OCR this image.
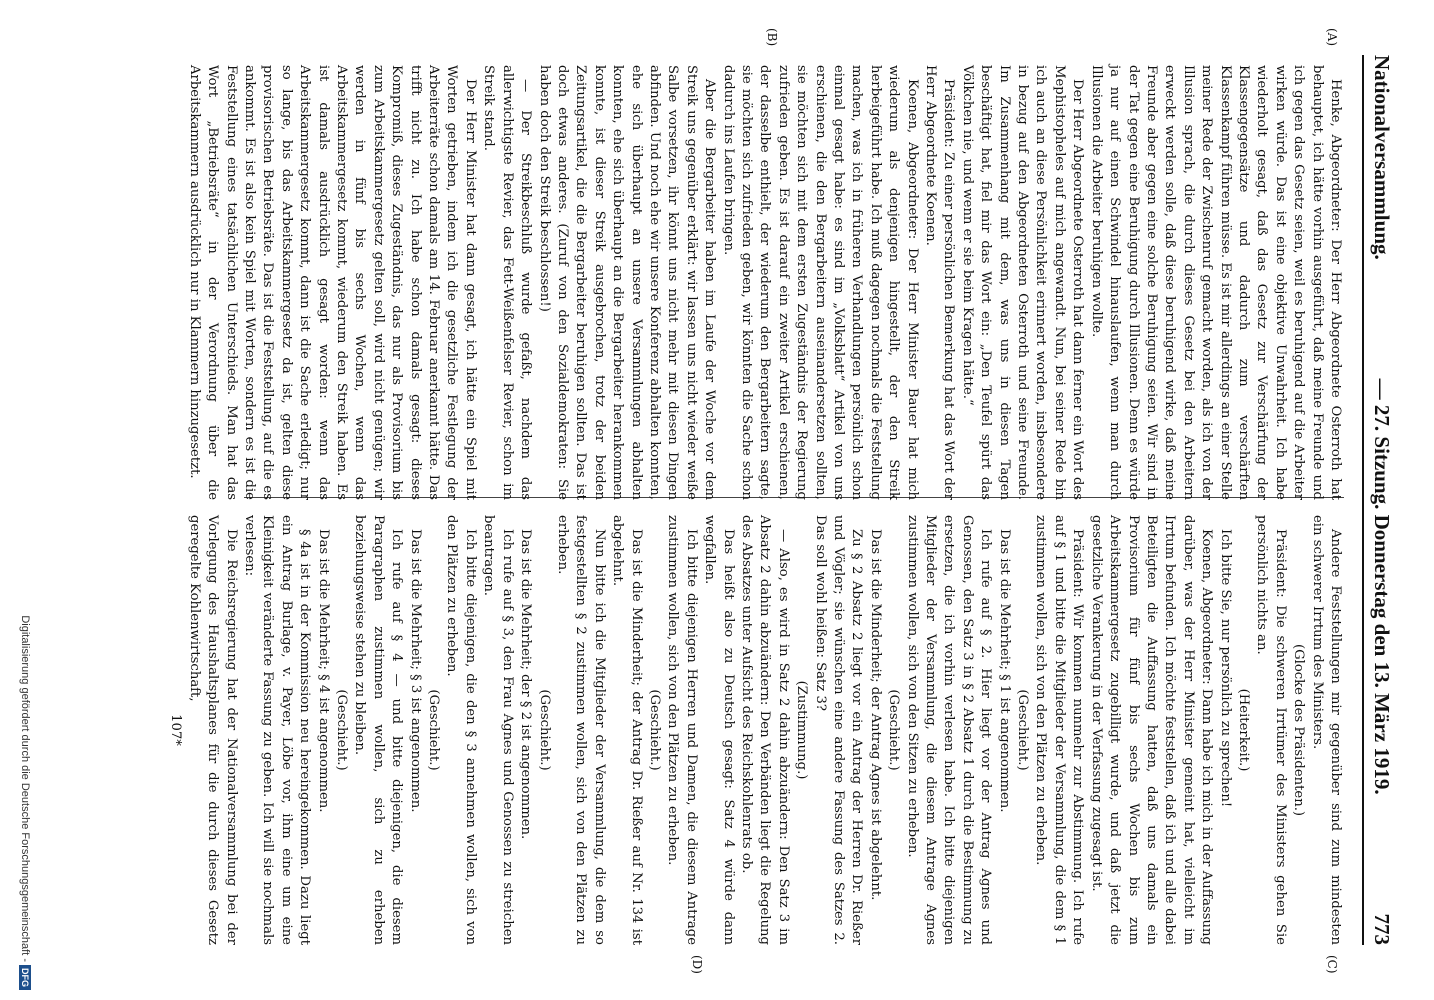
Nationalversammlung.
— 27. Sitzung. Donnerstag den 13. März 1919.
773
(A)
(B)
(C)
(D)

Henke, Abgeordneter: Der Herr Abgeordnete Osterroth hat behauptet, ich hätte vorhin ausgeführt, daß meine Freunde und ich gegen das Gesetz seien, weil es beruhigend auf die Arbeiter wirken würde. Das ist eine objektive Unwahrheit. Ich habe wiederholt gesagt, daß das Gesetz zur Verschärfung der Klassengegensätze und dadurch zum verschärften Klassenkampf führen müsse. Es ist mir allerdings an einer Stelle meiner Rede der Zwischenruf gemacht worden, als ich von der Illusion sprach, die durch dieses Gesetz bei den Arbeitern erweckt werden solle, daß diese beruhigend wirke, daß meine Freunde aber gegen eine solche Beruhigung seien. Wir sind in der Tat gegen eine Beruhigung durch Illusionen. Denn es würde ja nur auf einen Schwindel hinauslaufen, wenn man durch Illusionen die Arbeiter beruhigen wollte.

Der Herr Abgeordnete Osterroth hat dann ferner ein Wort des Mephistopheles auf mich angewandt. Nun, bei seiner Rede bin ich auch an diese Persönlichkeit erinnert worden, insbesondere in bezug auf den Abgeordneten Osterroth und seine Freunde. Im Zusammenhang mit dem, was uns in diesen Tagen beschäftigt hat, fiel mir das Wort ein: „Den Teufel spürt das Völkchen nie, und wenn er sie beim Kragen hätte.“

Präsident: Zu einer persönlichen Bemerkung hat das Wort der Herr Abgeordnete Koenen.

Koenen, Abgeordneter: Der Herr Minister Bauer hat mich wiederum als denjenigen hingestellt, der den Streik herbeigeführt habe. Ich muß dagegen nochmals die Feststellung machen, was ich in früheren Verhandlungen persönlich schon einmal gesagt habe: es sind im „Volksblatt“ Artikel von uns erschienen, die den Bergarbeitern auseinandersetzen sollten, sie möchten sich mit dem ersten Zugeständnis der Regierung zufrieden geben. Es ist darauf ein zweiter Artikel erschienen, der dasselbe enthielt, der wiederum den Bergarbeitern sagte, sie möchten sich zufrieden geben, wir könnten die Sache schon dadurch ins Laufen bringen.

Aber die Bergarbeiter haben im Laufe der Woche vor dem Streik uns gegenüber erklärt: wir lassen uns nicht wieder weiße Salbe vorsetzen, ihr könnt uns nicht mehr mit diesen Dingen abfinden. Und noch ehe wir unsere Konferenz abhalten konnten, ehe sich überhaupt an unsere Versammlungen abhalten konnten, ehe sich überhaupt an die Bergarbeiter herankommen konnte, ist dieser Streik ausgebrochen, trotz der beiden Zeitungsartikel, die die Bergarbeiter beruhigen sollten. Das ist doch etwas anderes. (Zuruf von den Sozialdemokraten: Sie haben doch den Streik beschlossen!)

— Der Streikbeschluß wurde gefaßt, nachdem das allerwichtigste Revier, das Fett-Weißenfelser Revier, schon im Streik stand.

Der Herr Minister hat dann gesagt, ich hätte ein Spiel mit Worten getrieben, indem ich die gesetzliche Festlegung der Arbeiterräte schon damals am 14. Februar anerkannt hätte. Das trifft nicht zu. Ich habe schon damals gesagt: dieses Kompromiß, dieses Zugeständnis, das nur als Provisorium bis zum Arbeitskammergesetz gelten soll, wird nicht genügen; wir werden in fünf bis sechs Wochen, wenn das Arbeitskammergesetz kommt, wiederum den Streik haben. Es ist damals ausdrücklich gesagt worden: wenn das Arbeitskammergesetz kommt, dann ist die Sache erledigt; nur so lange, bis das Arbeitskammergesetz da ist, gelten diese provisorischen Betriebsräte. Das ist die Feststellung, auf die es ankommt. Es ist also kein Spiel mit Worten, sondern es ist die Feststellung eines tatsächlichen Unterschieds. Man hat das Wort „Betriebsräte“ in der Verordnung über die Arbeitskammern ausdrücklich nur in Klammern hinzugesetzt.

Andere Feststellungen mir gegenüber sind zum mindesten ein schwerer Irrtum des Ministers.

(Glocke des Präsidenten.)

Präsident: Die schweren Irrtümer des Ministers gehen Sie persönlich nichts an.

(Heiterkeit.)

Ich bitte Sie, nur persönlich zu sprechen!

Koenen, Abgeordneter: Dann habe ich mich in der Auffassung darüber, was der Herr Minister gemeint hat, vielleicht im Irrtum befunden. Ich möchte feststellen, daß ich und alle dabei Beteiligten die Auffassung hatten, daß uns damals ein Provisorium für fünf bis sechs Wochen bis zum Arbeitskammergesetz zugebilligt wurde, und daß jetzt die gesetzliche Verankerung in der Verfassung zugesagt ist.

Präsident: Wir kommen nunmehr zur Abstimmung. Ich rufe auf § 1 und bitte die Mitglieder der Versammlung, die dem § 1 zustimmen wollen, sich von den Plätzen zu erheben.

(Geschieht.)

Das ist die Mehrheit; § 1 ist angenommen.

Ich rufe auf § 2. Hier liegt vor der Antrag Agnes und Genossen, den Satz 3 in § 2 Absatz 1 durch die Bestimmung zu ersetzen, die ich vorhin verlesen habe. Ich bitte diejenigen Mitglieder der Versammlung, die diesem Antrage Agnes zustimmen wollen, sich von den Sitzen zu erheben.

(Geschieht.)

Das ist die Minderheit; der Antrag Agnes ist abgelehnt.

Zu § 2 Absatz 2 liegt vor ein Antrag der Herren Dr. Rießer und Vögler; sie wünschen eine andere Fassung des Satzes 2. Das soll wohl heißen: Satz 3?

(Zustimmung.)

— Also, es wird in Satz 2 dahin abzuändern: Den Satz 3 im Absatz 2 dahin abzuändern: Den Verbänden liegt die Regelung des Absatzes unter Aufsicht des Reichskohlenrats ob.

Das heißt also zu Deutsch gesagt: Satz 4 würde dann wegfallen.

Ich bitte diejenigen Herren und Damen, die diesem Antrage zustimmen wollen, sich von den Plätzen zu erheben.

(Geschieht.)

Das ist die Minderheit; der Antrag Dr. Rießer auf Nr. 134 ist abgelehnt.

Nun bitte ich die Mitglieder der Versammlung, die dem so festgestellten § 2 zustimmen wollen, sich von den Plätzen zu erheben.

(Geschieht.)

Das ist die Mehrheit; der § 2 ist angenommen.

Ich rufe auf § 3, den Frau Agnes und Genossen zu streichen beantragen.

Ich bitte diejenigen, die den § 3 annehmen wollen, sich von den Plätzen zu erheben.

(Geschieht.)

Das ist die Mehrheit; § 3 ist angenommen.

Ich rufe auf § 4 — und bitte diejenigen, die diesem Paragraphen zustimmen wollen, sich zu erheben beziehungsweise stehen zu bleiben.

(Geschieht.)

Das ist die Mehrheit; § 4 ist angenommen.

§ 4a ist in der Kommission neu hereingekommen. Dazu liegt ein Antrag Burlage, v. Payer, Löbe vor, ihm eine um eine Kleinigkeit veränderte Fassung zu geben. Ich will sie nochmals verlesen:

Die Reichsregierung hat der Nationalversammlung bei der Vorlegung des Haushaltsplanes für die durch dieses Gesetz geregelte Kohlenwirtschaft,

107*

Digitalisierung gefördert durch die Deutsche Forschungsgemeinschaft -
DFG
